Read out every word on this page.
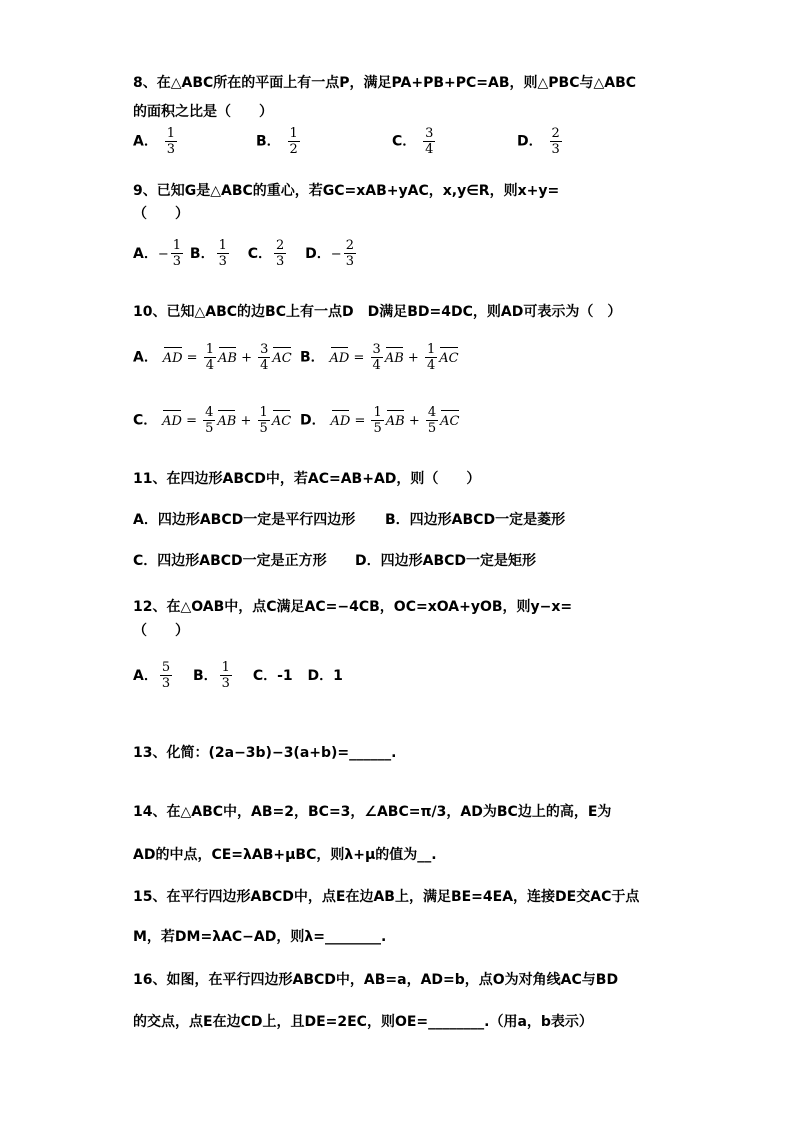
8、在△ABC所在的平面上有一点P，满足PA+PB+PC=AB，则△PBC与△ABC
的面积之比是（　　）
A． $\frac{1}{3}$	B． $\frac{1}{2}$	C． $\frac{3}{4}$	D． $\frac{2}{3}$
9、已知G是△ABC的重心，若GC=xAB+yAC，x,y∈R，则x+y=
（　　）
A．− $\frac{1}{3}$ B． $\frac{1}{3}$ C． $\frac{2}{3}$ D．− $\frac{2}{3}$
10、已知△ABC的边BC上有一点D　D满足BD=4DC，则AD可表示为（　）
A． AD = $\frac{1}{4}$ AB + $\frac{3}{4}$ AC B． AD = $\frac{3}{4}$ AB + $\frac{1}{4}$ AC
C． AD = $\frac{4}{5}$ AB + $\frac{1}{5}$ AC D． AD = $\frac{1}{5}$ AB + $\frac{4}{5}$ AC
11、在四边形ABCD中，若AC=AB+AD，则（　　）
A．四边形ABCD一定是平行四边形 B．四边形ABCD一定是菱形
C．四边形ABCD一定是正方形 D．四边形ABCD一定是矩形
12、在△OAB中，点C满足AC=−4CB，OC=xOA+yOB，则y−x=
（　　）
A． $\frac{5}{3}$ B． $\frac{1}{3}$ C．-1 D．1
13、化简：(2a−3b)−3(a+b)=______.
14、在△ABC中，AB=2，BC=3，∠ABC=π/3，AD为BC边上的高，E为
AD的中点，CE=λAB+μBC，则λ+μ的值为__.
15、在平行四边形ABCD中，点E在边AB上，满足BE=4EA，连接DE交AC于点
M，若DM=λAC−AD，则λ=________.
16、如图，在平行四边形ABCD中，AB=a，AD=b，点O为对角线AC与BD
的交点，点E在边CD上，且DE=2EC，则OE=________.（用a，b表示）
